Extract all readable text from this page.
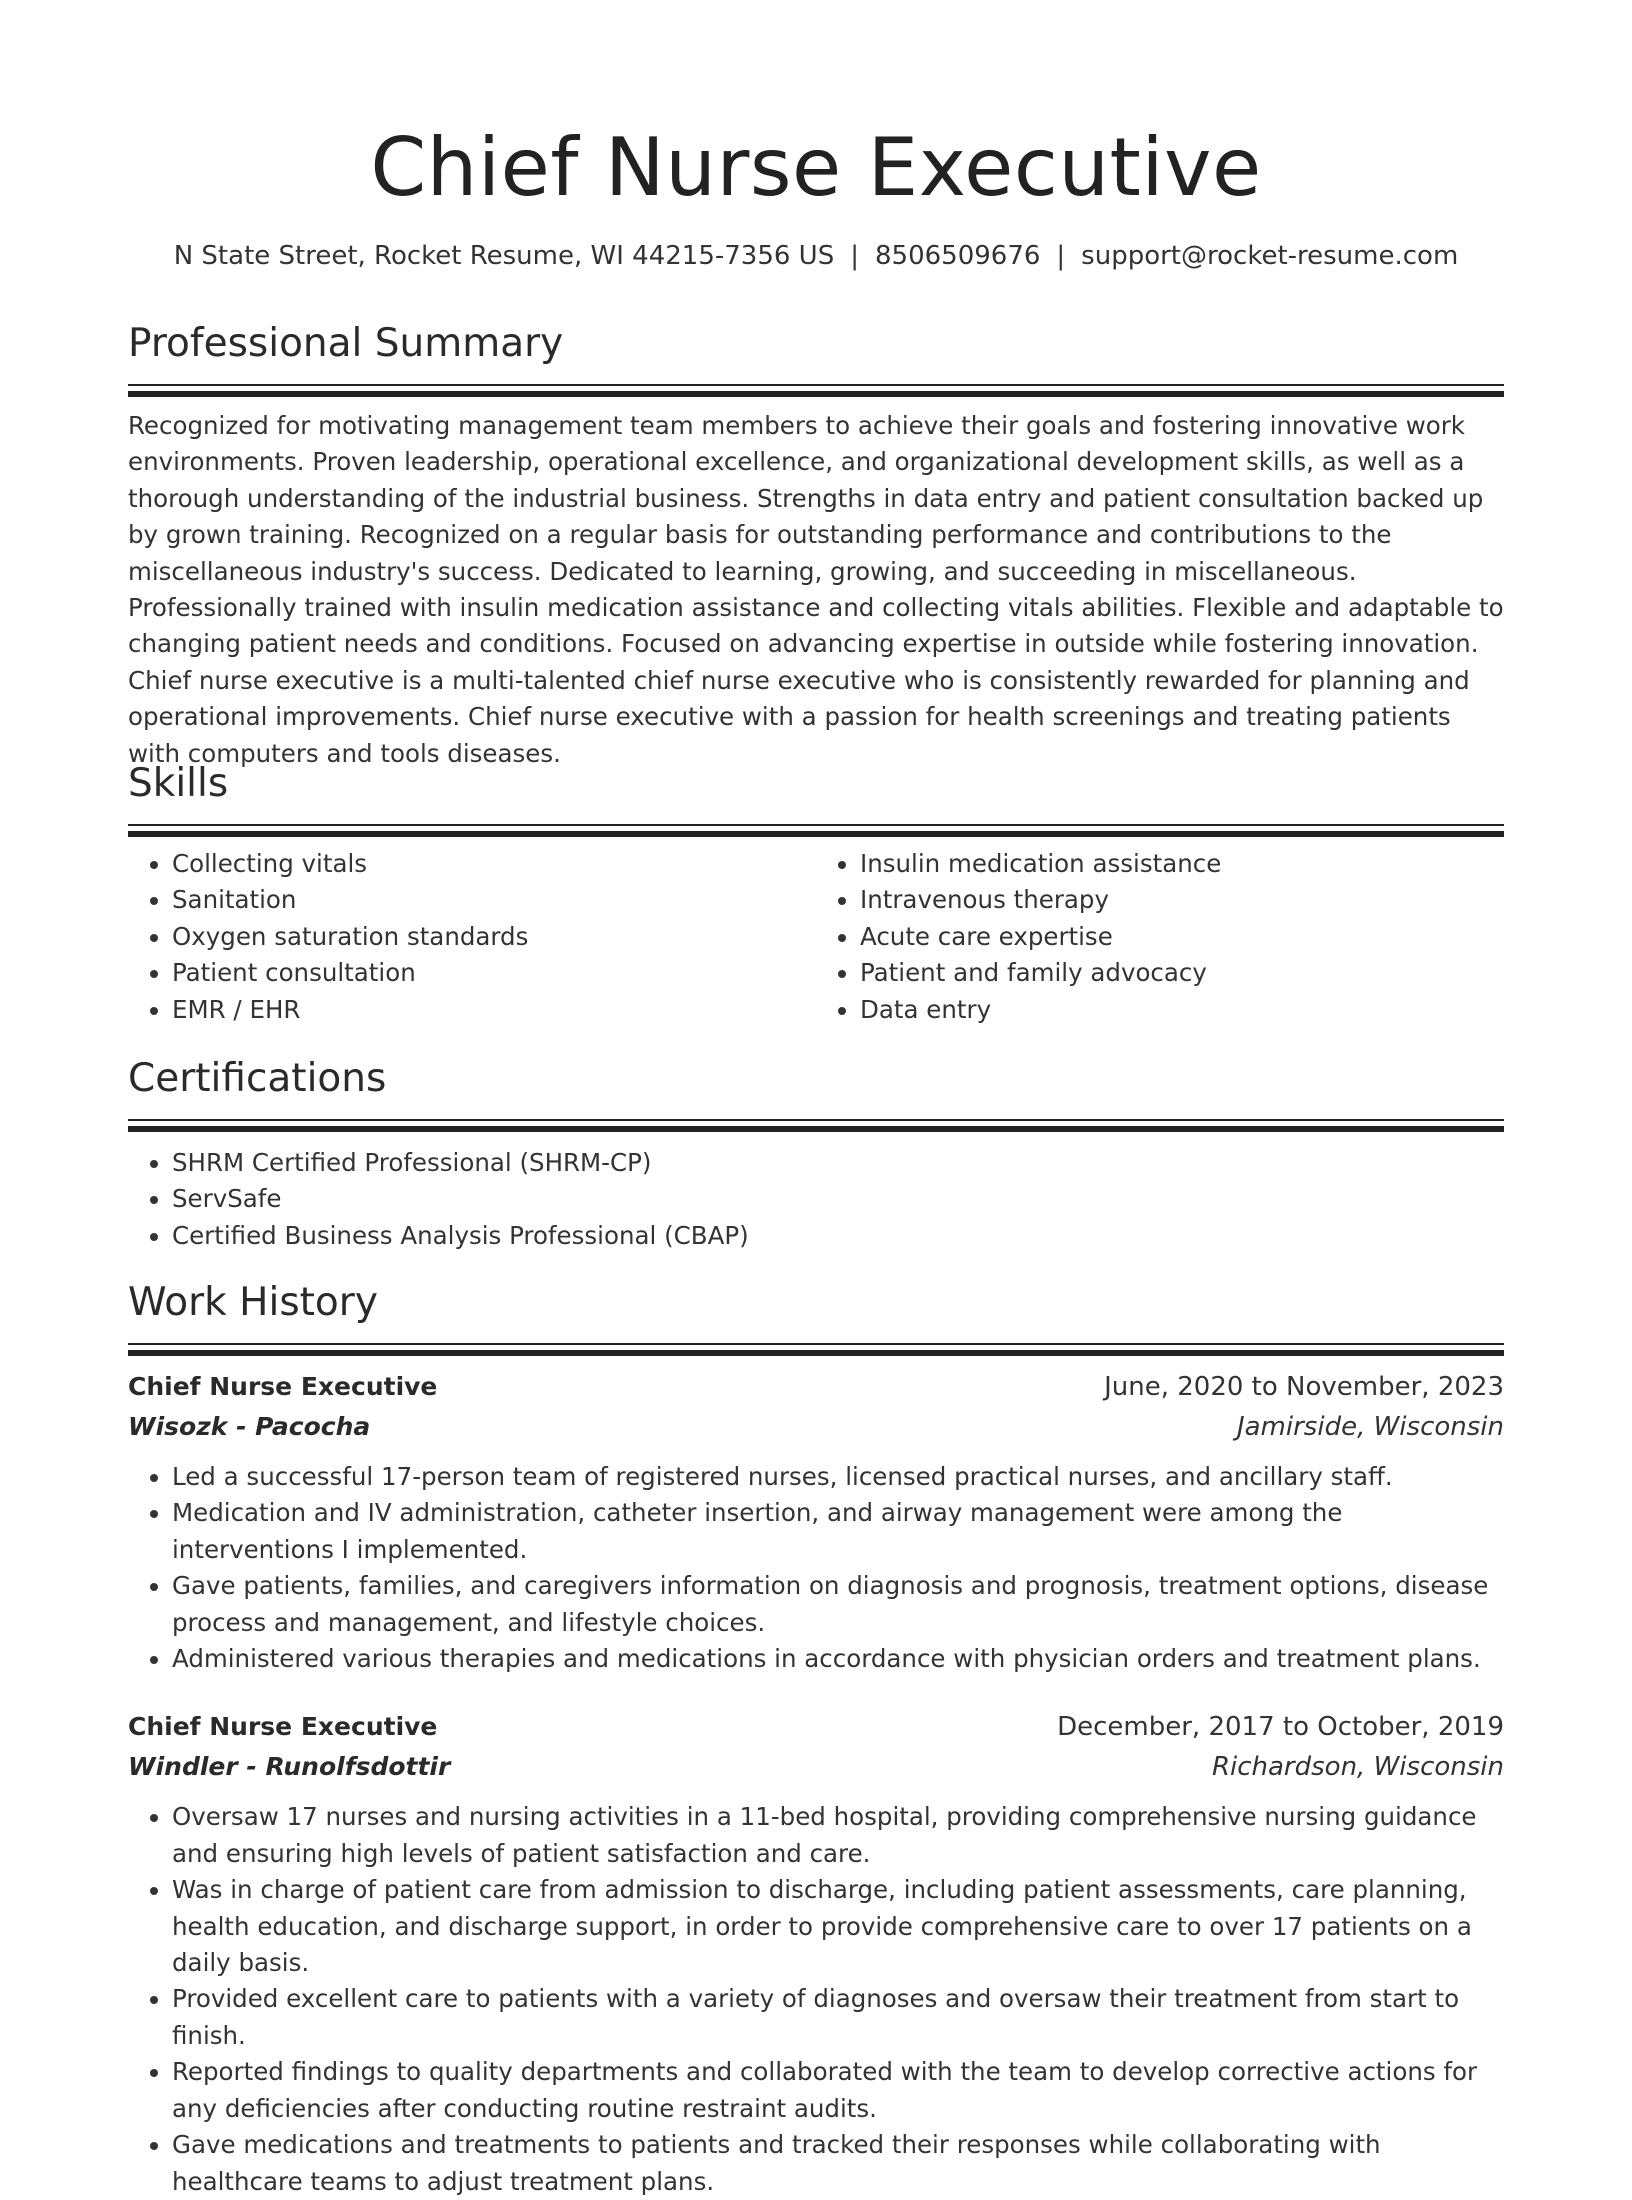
Chief Nurse Executive
N State Street, Rocket Resume, WI 44215-7356 US | 8506509676 | support@rocket-resume.com
Professional Summary
Recognized for motivating management team members to achieve their goals and fostering innovative work environments. Proven leadership, operational excellence, and organizational development skills, as well as a thorough understanding of the industrial business. Strengths in data entry and patient consultation backed up by grown training. Recognized on a regular basis for outstanding performance and contributions to the miscellaneous industry's success. Dedicated to learning, growing, and succeeding in miscellaneous. Professionally trained with insulin medication assistance and collecting vitals abilities. Flexible and adaptable to changing patient needs and conditions. Focused on advancing expertise in outside while fostering innovation. Chief nurse executive is a multi-talented chief nurse executive who is consistently rewarded for planning and operational improvements. Chief nurse executive with a passion for health screenings and treating patients with computers and tools diseases.
Skills
• Collecting vitals
• Sanitation
• Oxygen saturation standards
• Patient consultation
• EMR / EHR
• Insulin medication assistance
• Intravenous therapy
• Acute care expertise
• Patient and family advocacy
• Data entry
Certifications
• SHRM Certified Professional (SHRM-CP)
• ServSafe
• Certified Business Analysis Professional (CBAP)
Work History
Chief Nurse Executive	June, 2020 to November, 2023
Wisozk - Pacocha	Jamirside, Wisconsin
• Led a successful 17-person team of registered nurses, licensed practical nurses, and ancillary staff.
• Medication and IV administration, catheter insertion, and airway management were among the interventions I implemented.
• Gave patients, families, and caregivers information on diagnosis and prognosis, treatment options, disease process and management, and lifestyle choices.
• Administered various therapies and medications in accordance with physician orders and treatment plans.
Chief Nurse Executive	December, 2017 to October, 2019
Windler - Runolfsdottir	Richardson, Wisconsin
• Oversaw 17 nurses and nursing activities in a 11-bed hospital, providing comprehensive nursing guidance and ensuring high levels of patient satisfaction and care.
• Was in charge of patient care from admission to discharge, including patient assessments, care planning, health education, and discharge support, in order to provide comprehensive care to over 17 patients on a daily basis.
• Provided excellent care to patients with a variety of diagnoses and oversaw their treatment from start to finish.
• Reported findings to quality departments and collaborated with the team to develop corrective actions for any deficiencies after conducting routine restraint audits.
• Gave medications and treatments to patients and tracked their responses while collaborating with healthcare teams to adjust treatment plans.
